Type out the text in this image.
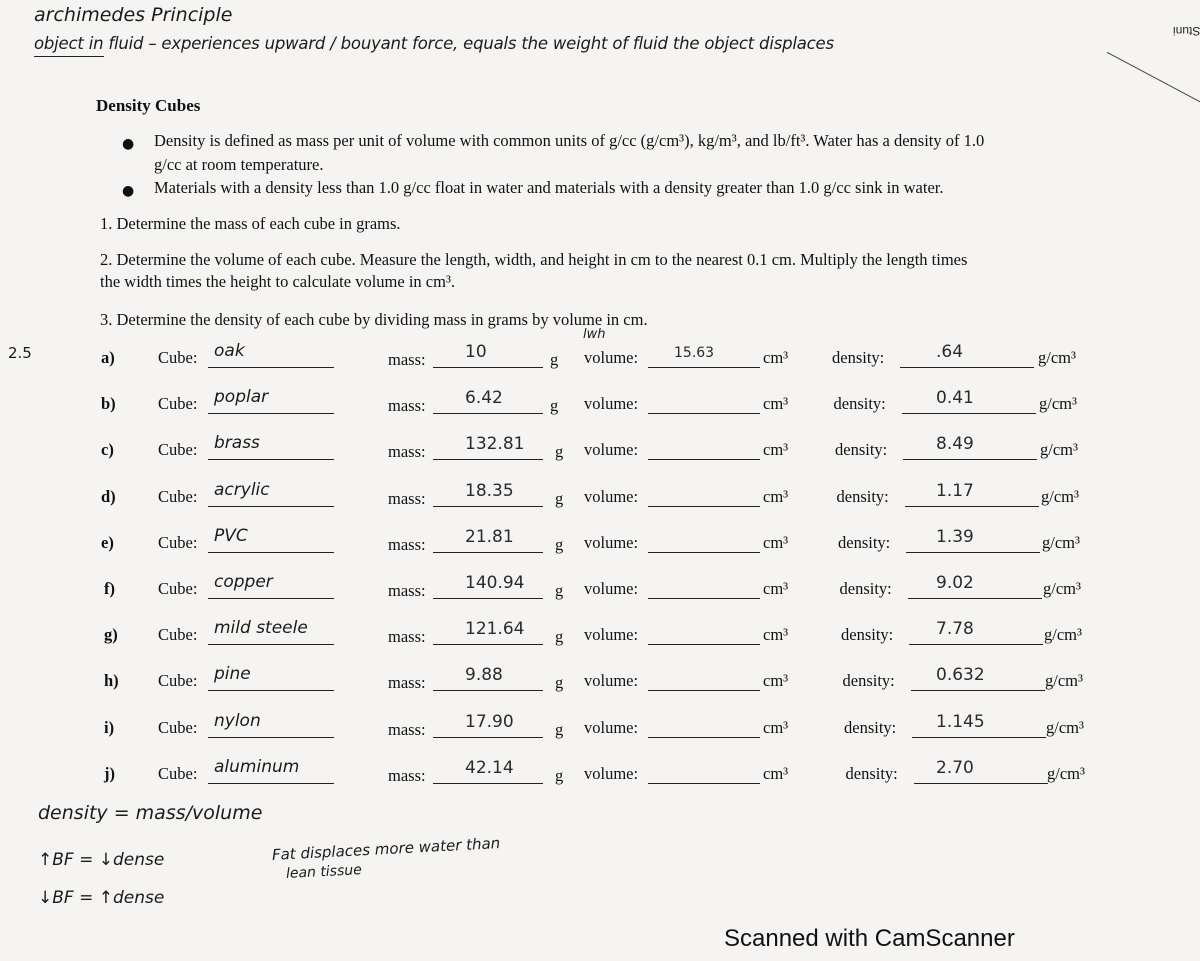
archimedes Principle
object in fluid – experiences upward / bouyant force, equals the weight of fluid the object displaces
Stuni
Density Cubes
● Density is defined as mass per unit of volume with common units of g/cc (g/cm³), kg/m³, and lb/ft³. Water has a density of 1.0
g/cc at room temperature.
● Materials with a density less than 1.0 g/cc float in water and materials with a density greater than 1.0 g/cc sink in water.
1. Determine the mass of each cube in grams.
2. Determine the volume of each cube. Measure the length, width, and height in cm to the nearest 0.1 cm. Multiply the length times
the width times the height to calculate volume in cm³.
3. Determine the density of each cube by dividing mass in grams by volume in cm.
lwh
2.5	a)	Cube: oak	mass: 10	g volume:	15.63	cm³	density:	.64	g/cm³
b)	Cube: poplar	mass: 6.42	g volume:	cm³	density:	0.41	g/cm³
c)	Cube: brass	mass: 132.81 g volume:	cm³	density:	8.49	g/cm³
d)	Cube: acrylic	mass: 18.35	g volume:	cm³	density:	1.17	g/cm³
e)	Cube: PVC	mass: 21.81	g volume:	cm³	density:	1.39	g/cm³
f)	Cube: copper	mass: 140.94 g volume:	cm³	density:	9.02	g/cm³
g) Cube: mild steele	mass: 121.64 g volume:	cm³	density:	7.78	g/cm³
h) Cube: pine	mass: 9.88	g volume:	cm³	density: 0.632	g/cm³
i)	Cube: nylon	mass: 17.90	g volume:	cm³	density: 1.145	g/cm³
j)	Cube: aluminum	mass: 42.14	g volume:	cm³	density: 2.70	g/cm³
density = mass/volume
↑BF = ↓dense
↓BF = ↑dense
Fat displaces more water than
lean tissue
Scanned with CamScanner
